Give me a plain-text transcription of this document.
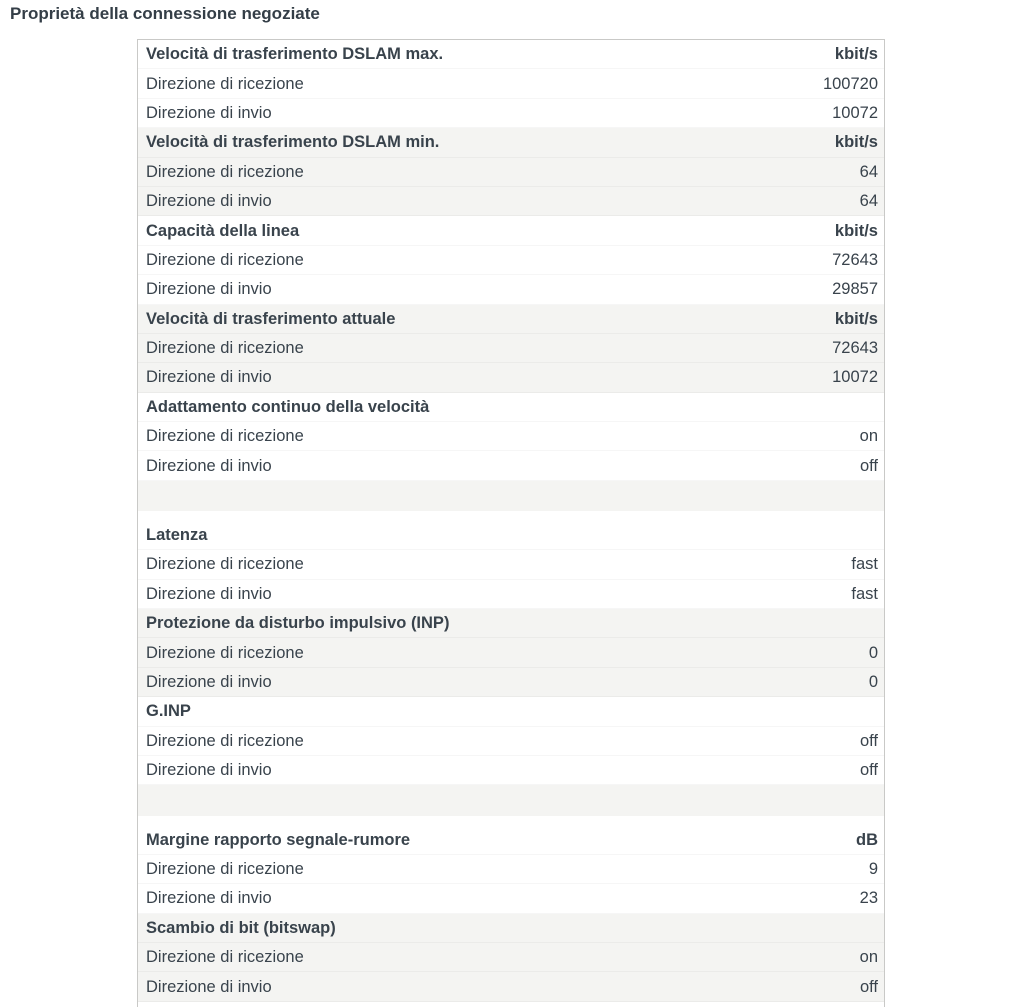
Proprietà della connessione negoziate
Velocità di trasferimento DSLAM max.	kbit/s
Direzione di ricezione	100720
Direzione di invio	10072
Velocità di trasferimento DSLAM min.	kbit/s
Direzione di ricezione	64
Direzione di invio	64
Capacità della linea	kbit/s
Direzione di ricezione	72643
Direzione di invio	29857
Velocità di trasferimento attuale	kbit/s
Direzione di ricezione	72643
Direzione di invio	10072
Adattamento continuo della velocità
Direzione di ricezione	on
Direzione di invio	off
Latenza
Direzione di ricezione	fast
Direzione di invio	fast
Protezione da disturbo impulsivo (INP)
Direzione di ricezione	0
Direzione di invio	0
G.INP
Direzione di ricezione	off
Direzione di invio	off
Margine rapporto segnale-rumore	dB
Direzione di ricezione	9
Direzione di invio	23
Scambio di bit (bitswap)
Direzione di ricezione	on
Direzione di invio	off
